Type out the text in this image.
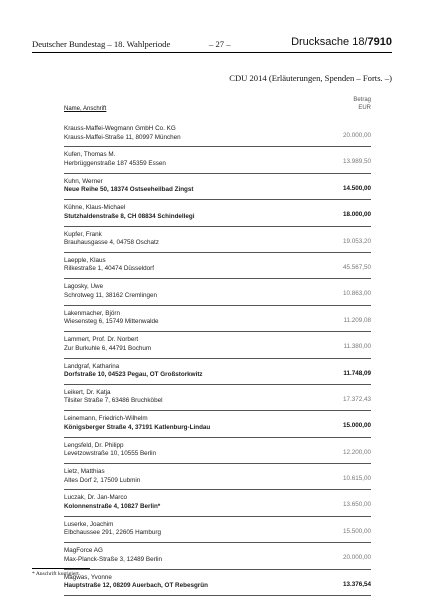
Deutscher Bundestag – 18. Wahlperiode	– 27 –	Drucksache 18/7910
CDU 2014 (Erläuterungen, Spenden – Forts. –)
Name, Anschrift
Betrag
EUR
Krauss-Maffei-Wegmann GmbH Co. KG
Krauss-Maffei-Straße 11, 80997 München	20.000,00
Kufen, Thomas M.
Herbrüggenstraße 187 45359 Essen	13.989,50
Kuhn, Werner
Neue Reihe 50, 18374 Ostseeheilbad Zingst	14.500,00
Kühne, Klaus-Michael
Stutzhaldenstraße 8, CH 08834 Schindellegi	18.000,00
Kupfer, Frank
Brauhausgasse 4, 04758 Oschatz	19.053,20
Laepple, Klaus
Rilkestraße 1, 40474 Düsseldorf	45.567,50
Lagosky, Uwe
Schrotweg 11, 38162 Cremlingen	10.863,00
Lakenmacher, Björn
Wiesensteg 6, 15749 Mittenwalde	11.209,08
Lammert, Prof. Dr. Norbert
Zur Burkuhle 6, 44791 Bochum	11.380,00
Landgraf, Katharina
Dorfstraße 10, 04523 Pegau, OT Großstorkwitz	11.748,09
Leikert, Dr. Katja
Tilsiter Straße 7, 63486 Bruchköbel	17.372,43
Leinemann, Friedrich-Wilhelm
Königsberger Straße 4, 37191 Katlenburg-Lindau	15.000,00
Lengsfeld, Dr. Philipp
Levetzowstraße 10, 10555 Berlin	12.200,00
Lietz, Matthias
Altes Dorf 2, 17509 Lubmin	10.615,00
Luczak, Dr. Jan-Marco
Kolonnenstraße 4, 10827 Berlin*	13.650,00
Luserke, Joachim
Elbchaussee 291, 22605 Hamburg	15.500,00
MagForce AG
Max-Planck-Straße 3, 12489 Berlin	20.000,00
Magwas, Yvonne
Hauptstraße 12, 08209 Auerbach, OT Rebesgrün	13.376,54
* Anschrift korrigiert.
